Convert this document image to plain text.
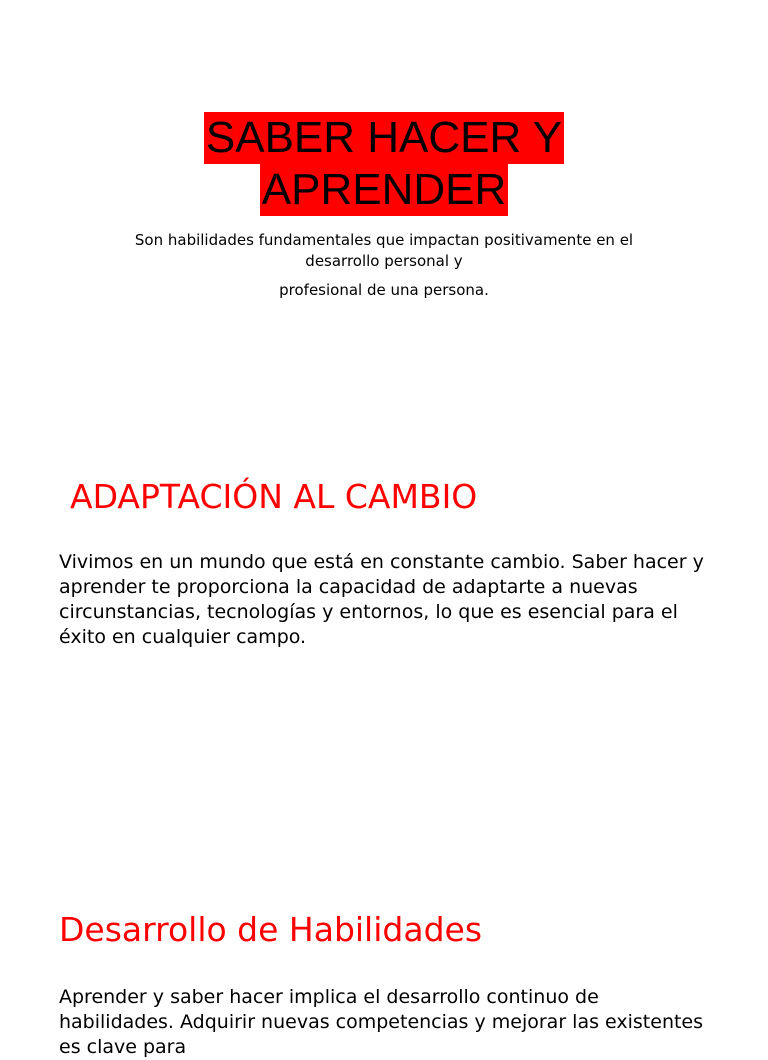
SABER HACER Y
APRENDER
Son habilidades fundamentales que impactan positivamente en el desarrollo personal y
profesional de una persona.
ADAPTACIÓN AL CAMBIO
Vivimos en un mundo que está en constante cambio. Saber hacer y aprender te proporciona la capacidad de adaptarte a nuevas circunstancias, tecnologías y entornos, lo que es esencial para el éxito en cualquier campo.
Desarrollo de Habilidades
Aprender y saber hacer implica el desarrollo continuo de habilidades. Adquirir nuevas competencias y mejorar las existentes es clave para
